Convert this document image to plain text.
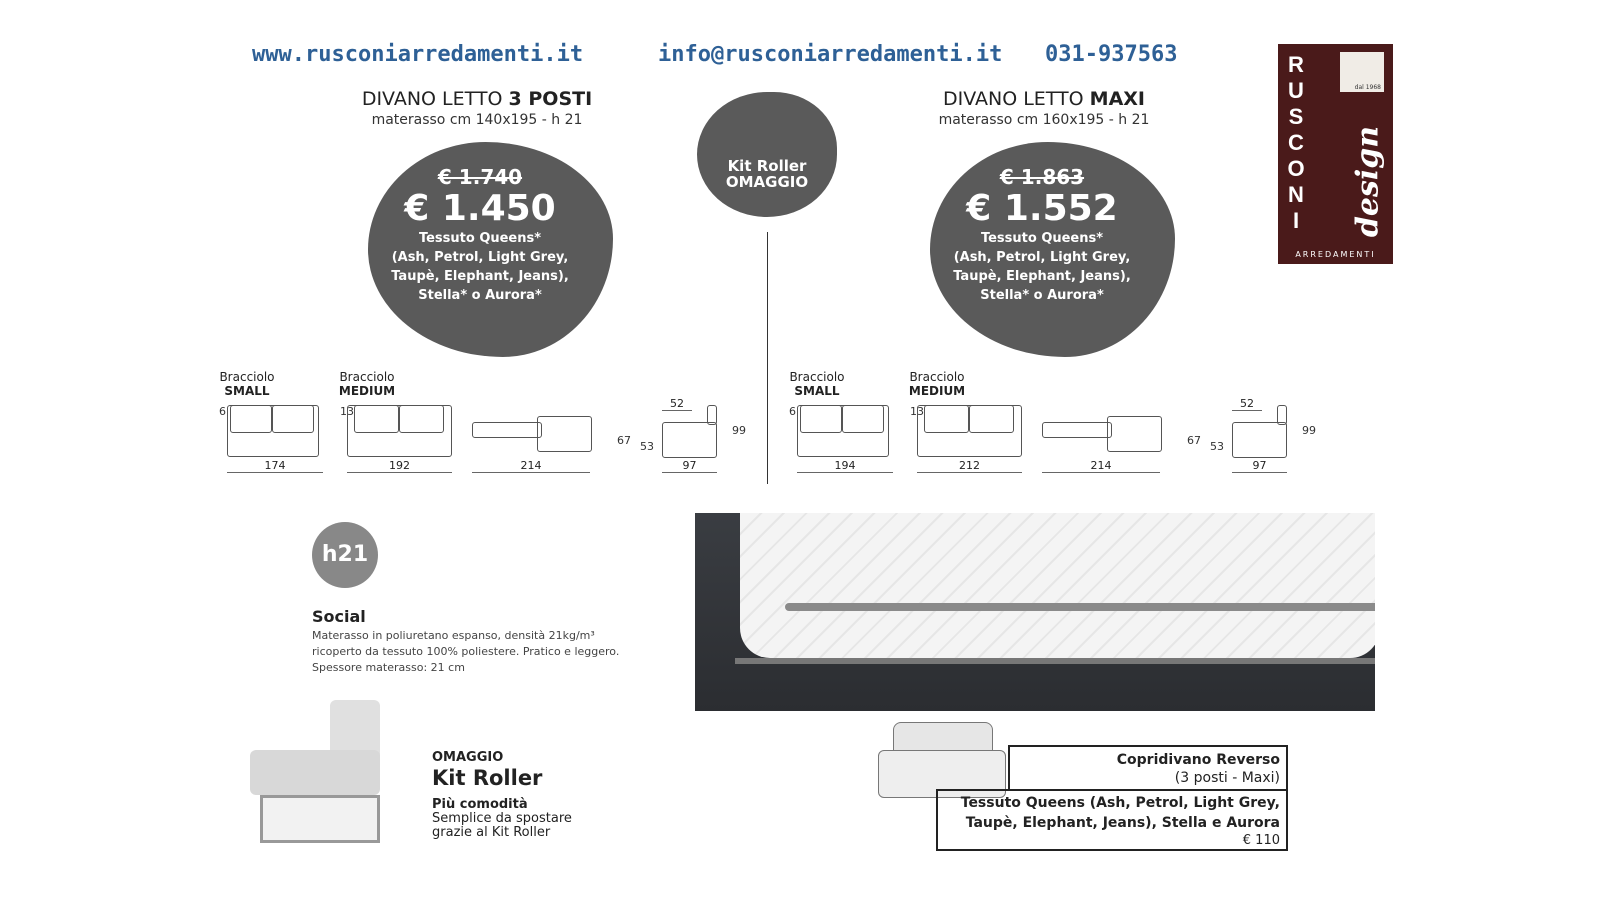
www.rusconiarredamenti.it	info@rusconiarredamenti.it 031-937563	RUSCONI
dal 1968
design
ARREDAMENTI
Kit Roller
OMAGGIO
DIVANO LETTO 3 POSTI
materasso cm 140x195 - h 21
€ 1.740
€ 1.450
Tessuto Queens*
(Ash, Petrol, Light Grey,
Taupè, Elephant, Jeans),
Stella* o Aurora*
DIVANO LETTO MAXI
materasso cm 160x195 - h 21
€ 1.863
€ 1.552
Tessuto Queens*
(Ash, Petrol, Light Grey,
Taupè, Elephant, Jeans),
Stella* o Aurora*
Bracciolo
SMALL
Bracciolo
MEDIUM
6	13
174	192	214
52
67 53
99
97
Bracciolo
SMALL
Bracciolo
MEDIUM
6	13
194	212	214
52
67 53
99
97
h21
Social
Materasso in poliuretano espanso, densità 21kg/m³
ricoperto da tessuto 100% poliestere. Pratico e leggero.
Spessore materasso: 21 cm
OMAGGIO
Kit Roller
Più comodità
Semplice da spostare
grazie al Kit Roller
Copridivano Reverso
(3 posti - Maxi)
Tessuto Queens (Ash, Petrol, Light Grey,
Taupè, Elephant, Jeans), Stella e Aurora
€ 110
